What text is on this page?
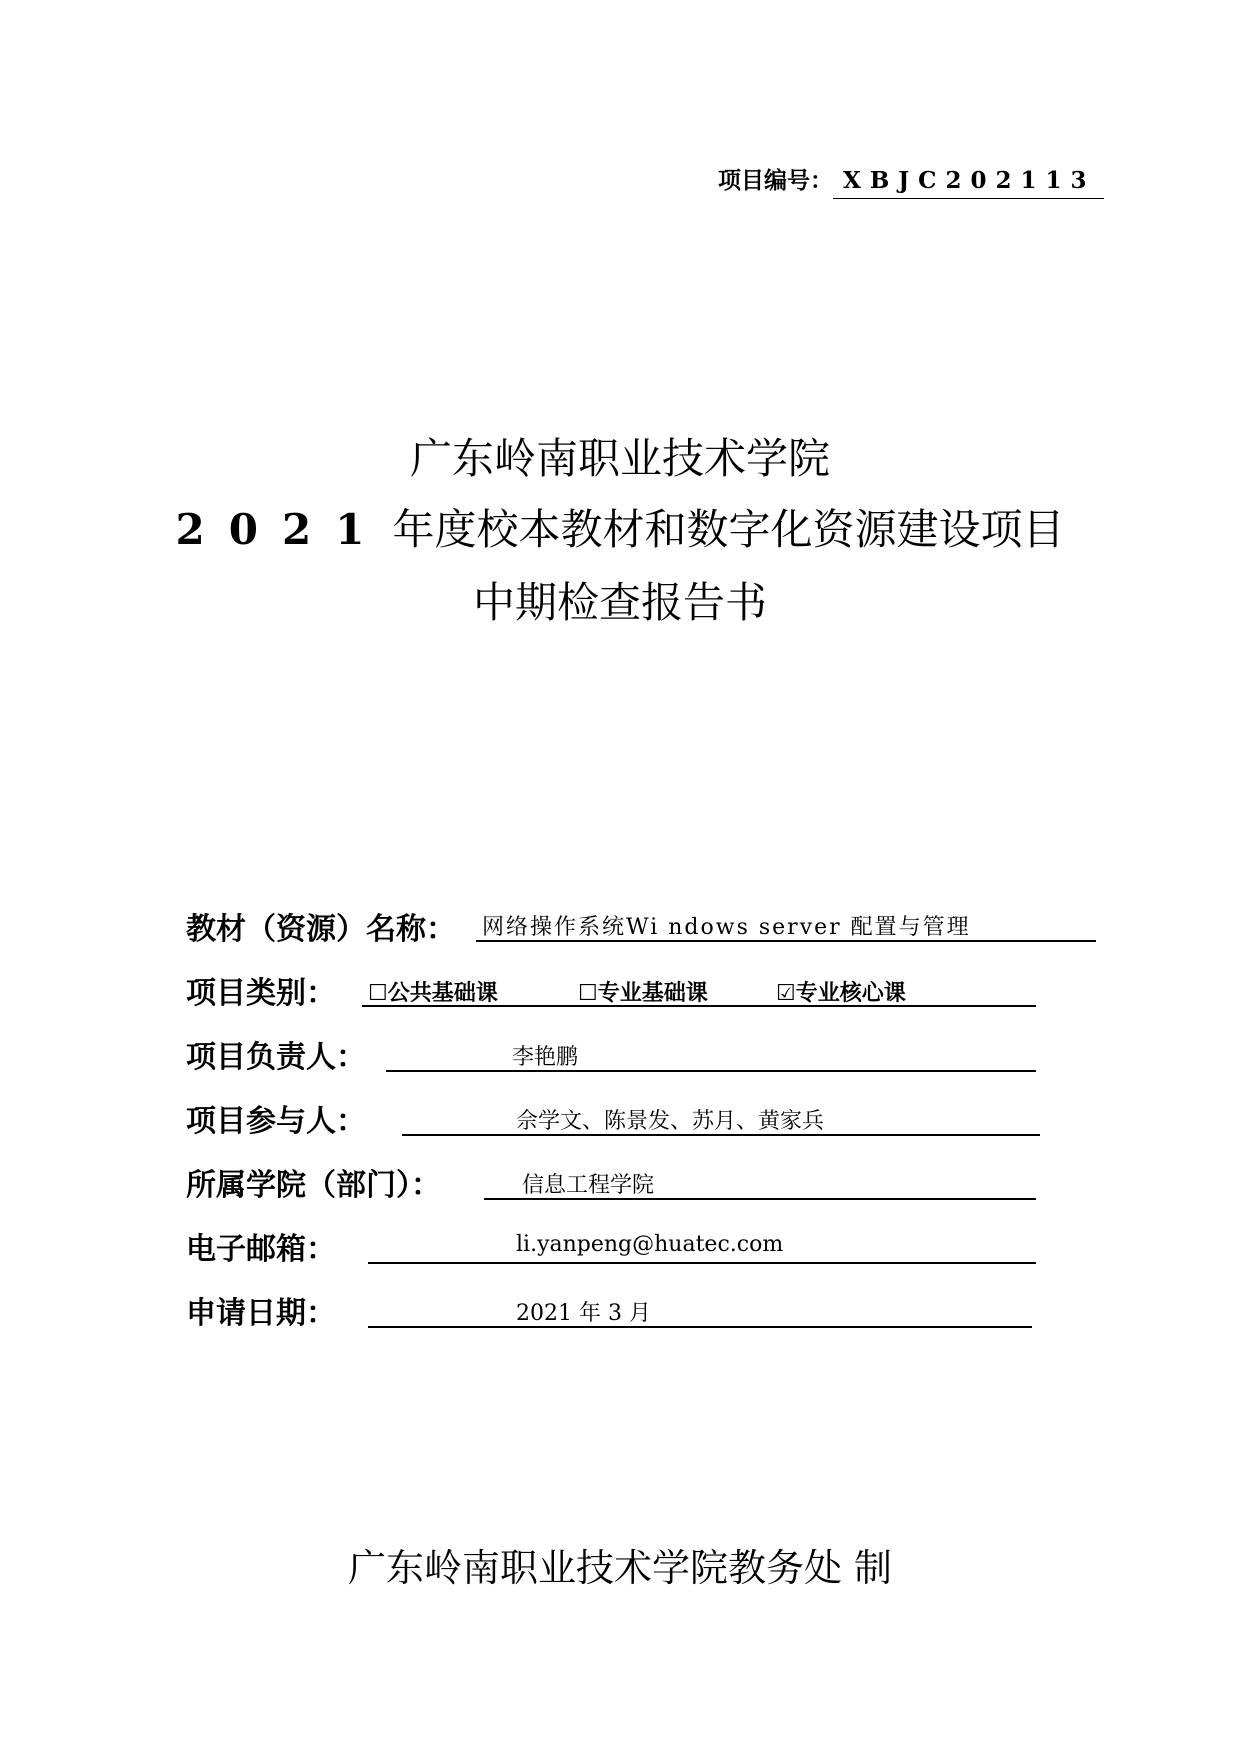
项目编号： XBJC202113
广东岭南职业技术学院
2021年度校本教材和数字化资源建设项目
中期检查报告书
教材（资源）名称： 网络操作系统Wi ndows server 配置与管理
项目类别： ☐公共基础课	☐专业基础课	☑专业核心课
项目负责人：	李艳鹏
项目参与人：	佘学文、陈景发、苏月、黄家兵
所属学院（部门）：	信息工程学院
电子邮箱：	li.yanpeng@huatec.com
申请日期：	2021 年 3 月
广东岭南职业技术学院教务处 制
